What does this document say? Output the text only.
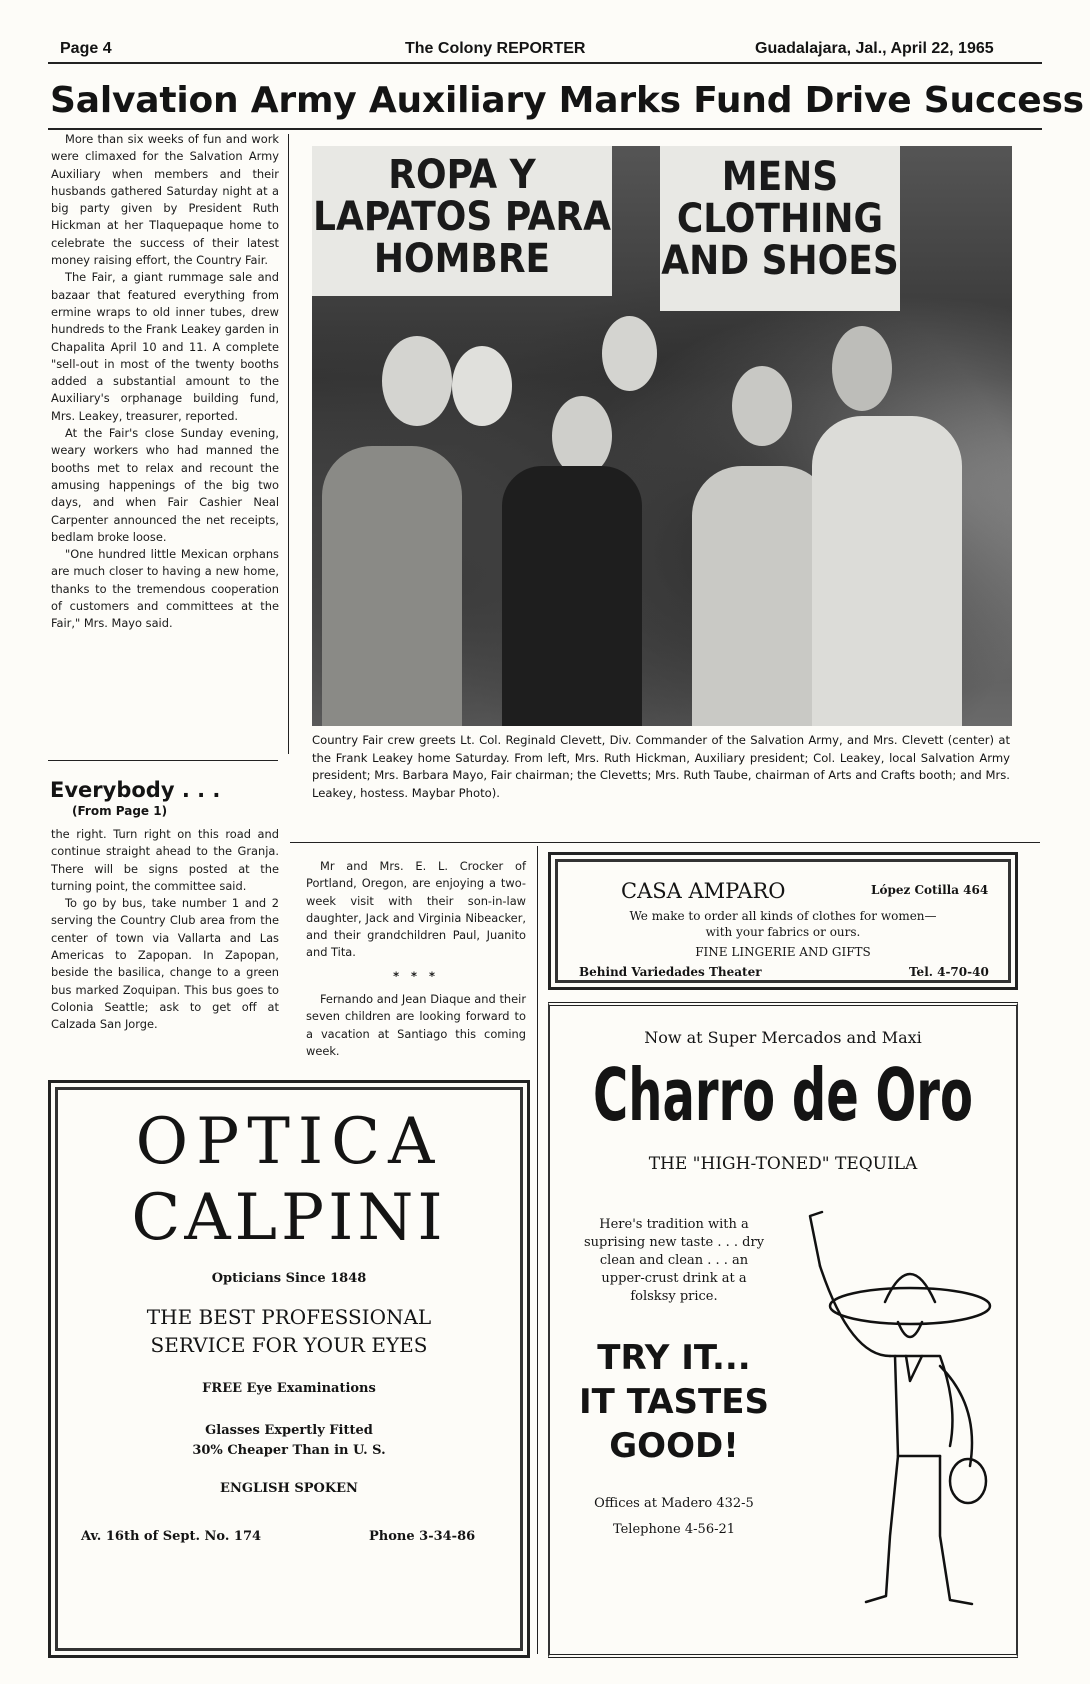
Page 4	The Colony REPORTER	Guadalajara, Jal., April 22, 1965
Salvation Army Auxiliary Marks Fund Drive Success

More than six weeks of fun and work were climaxed for the Salvation Army Auxiliary when members and their husbands gathered Saturday night at a big party given by President Ruth Hickman at her Tlaquepaque home to celebrate the success of their latest money raising effort, the Country Fair.

The Fair, a giant rummage sale and bazaar that featured everything from ermine wraps to old inner tubes, drew hundreds to the Frank Leakey garden in Chapalita April 10 and 11. A complete "sell-out in most of the twenty booths added a substantial amount to the Auxiliary's orphanage building fund, Mrs. Leakey, treasurer, reported.

At the Fair's close Sunday evening, weary workers who had manned the booths met to relax and recount the amusing happenings of the big two days, and when Fair Cashier Neal Carpenter announced the net receipts, bedlam broke loose.

"One hundred little Mexican orphans are much closer to having a new home, thanks to the tremendous cooperation of customers and committees at the Fair," Mrs. Mayo said.

ROPA Y LAPATOS PARA HOMBRE
MENS CLOTHING AND SHOES
Country Fair crew greets Lt. Col. Reginald Clevett, Div. Commander of the Salvation Army, and Mrs. Clevett (center) at the Frank Leakey home Saturday. From left, Mrs. Ruth Hickman, Auxiliary president; Col. Leakey, local Salvation Army president; Mrs. Barbara Mayo, Fair chairman; the Clevetts; Mrs. Ruth Taube, chairman of Arts and Crafts booth; and Mrs. Leakey, hostess. Maybar Photo).
Everybody . . .
(From Page 1)

the right. Turn right on this road and continue straight ahead to the Granja. There will be signs posted at the turning point, the committee said.

To go by bus, take number 1 and 2 serving the Country Club area from the center of town via Vallarta and Las Americas to Zapopan. In Zapopan, beside the basilica, change to a green bus marked Zoquipan. This bus goes to Colonia Seattle; ask to get off at Calzada San Jorge.

Mr and Mrs. E. L. Crocker of Portland, Oregon, are enjoying a two-week visit with their son-in-law daughter, Jack and Virginia Nibeacker, and their grandchildren Paul, Juanito and Tita.

* * *

Fernando and Jean Diaque and their seven children are looking forward to a vacation at Santiago this coming week.

CASA AMPARO	López Cotilla 464
We make to order all kinds of clothes for women—
with your fabrics or ours.
FINE LINGERIE AND GIFTS
Behind Variedades Theater	Tel. 4-70-40
OPTICA
CALPINI
Opticians Since 1848
THE BEST PROFESSIONAL
SERVICE FOR YOUR EYES
FREE Eye Examinations
Glasses Expertly Fitted
30% Cheaper Than in U. S.
ENGLISH SPOKEN
Av. 16th of Sept. No. 174	Phone 3-34-86
Now at Super Mercados and Maxi
Charro de Oro
THE "HIGH-TONED" TEQUILA
Here's tradition with a
suprising new taste . . . dry
clean and clean . . . an
upper-crust drink at a
folsksy price.
TRY IT...
IT TASTES
GOOD!
Offices at Madero 432-5
Telephone 4-56-21
